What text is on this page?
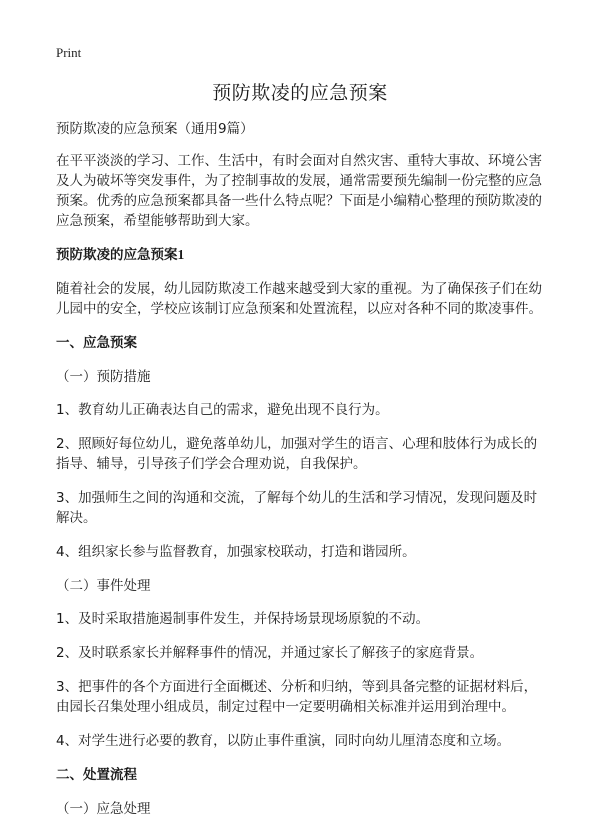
Print
预防欺凌的应急预案

预防欺凌的应急预案（通用9篇）

在平平淡淡的学习、工作、生活中，有时会面对自然灾害、重特大事故、环境公害及人为破坏等突发事件，为了控制事故的发展，通常需要预先编制一份完整的应急预案。优秀的应急预案都具备一些什么特点呢？下面是小编精心整理的预防欺凌的应急预案，希望能够帮助到大家。

预防欺凌的应急预案1

随着社会的发展，幼儿园防欺凌工作越来越受到大家的重视。为了确保孩子们在幼儿园中的安全，学校应该制订应急预案和处置流程，以应对各种不同的欺凌事件。

一、应急预案

（一）预防措施

1、教育幼儿正确表达自己的需求，避免出现不良行为。

2、照顾好每位幼儿，避免落单幼儿，加强对学生的语言、心理和肢体行为成长的指导、辅导，引导孩子们学会合理劝说，自我保护。

3、加强师生之间的沟通和交流，了解每个幼儿的生活和学习情况，发现问题及时解决。

4、组织家长参与监督教育，加强家校联动，打造和谐园所。

（二）事件处理

1、及时采取措施遏制事件发生，并保持场景现场原貌的不动。

2、及时联系家长并解释事件的情况，并通过家长了解孩子的家庭背景。

3、把事件的各个方面进行全面概述、分析和归纳，等到具备完整的证据材料后，由园长召集处理小组成员，制定过程中一定要明确相关标准并运用到治理中。

4、对学生进行必要的教育，以防止事件重演，同时向幼儿厘清态度和立场。

二、处置流程

（一）应急处理
